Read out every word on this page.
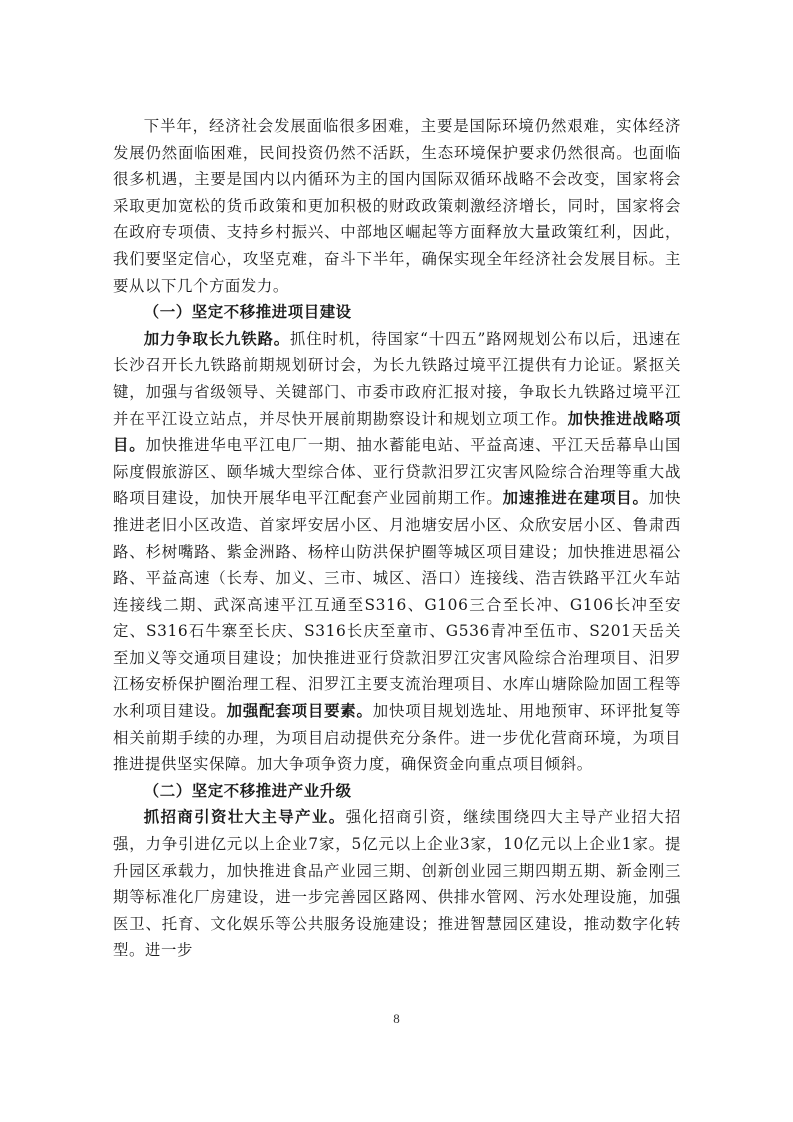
下半年，经济社会发展面临很多困难，主要是国际环境仍然艰难，实体经济发展仍然面临困难，民间投资仍然不活跃，生态环境保护要求仍然很高。也面临很多机遇，主要是国内以内循环为主的国内国际双循环战略不会改变，国家将会采取更加宽松的货币政策和更加积极的财政政策刺激经济增长，同时，国家将会在政府专项债、支持乡村振兴、中部地区崛起等方面释放大量政策红利，因此，我们要坚定信心，攻坚克难，奋斗下半年，确保实现全年经济社会发展目标。主要从以下几个方面发力。

（一）坚定不移推进项目建设

加力争取长九铁路。抓住时机，待国家“十四五”路网规划公布以后，迅速在长沙召开长九铁路前期规划研讨会，为长九铁路过境平江提供有力论证。紧抠关键，加强与省级领导、关键部门、市委市政府汇报对接，争取长九铁路过境平江并在平江设立站点，并尽快开展前期勘察设计和规划立项工作。加快推进战略项目。加快推进华电平江电厂一期、抽水蓄能电站、平益高速、平江天岳幕阜山国际度假旅游区、颐华城大型综合体、亚行贷款汨罗江灾害风险综合治理等重大战略项目建设，加快开展华电平江配套产业园前期工作。加速推进在建项目。加快推进老旧小区改造、首家坪安居小区、月池塘安居小区、众欣安居小区、鲁肃西路、杉树嘴路、紫金洲路、杨梓山防洪保护圈等城区项目建设；加快推进思福公路、平益高速（长寿、加义、三市、城区、浯口）连接线、浩吉铁路平江火车站连接线二期、武深高速平江互通至S316、G106三合至长冲、G106长冲至安定、S316石牛寨至长庆、S316长庆至童市、G536青冲至伍市、S201天岳关至加义等交通项目建设；加快推进亚行贷款汨罗江灾害风险综合治理项目、汨罗江杨安桥保护圈治理工程、汨罗江主要支流治理项目、水库山塘除险加固工程等水利项目建设。加强配套项目要素。加快项目规划选址、用地预审、环评批复等相关前期手续的办理，为项目启动提供充分条件。进一步优化营商环境，为项目推进提供坚实保障。加大争项争资力度，确保资金向重点项目倾斜。

（二）坚定不移推进产业升级

抓招商引资壮大主导产业。强化招商引资，继续围绕四大主导产业招大招强，力争引进亿元以上企业7家，5亿元以上企业3家，10亿元以上企业1家。提升园区承载力，加快推进食品产业园三期、创新创业园三期四期五期、新金刚三期等标准化厂房建设，进一步完善园区路网、供排水管网、污水处理设施，加强医卫、托育、文化娱乐等公共服务设施建设；推进智慧园区建设，推动数字化转型。进一步

8
